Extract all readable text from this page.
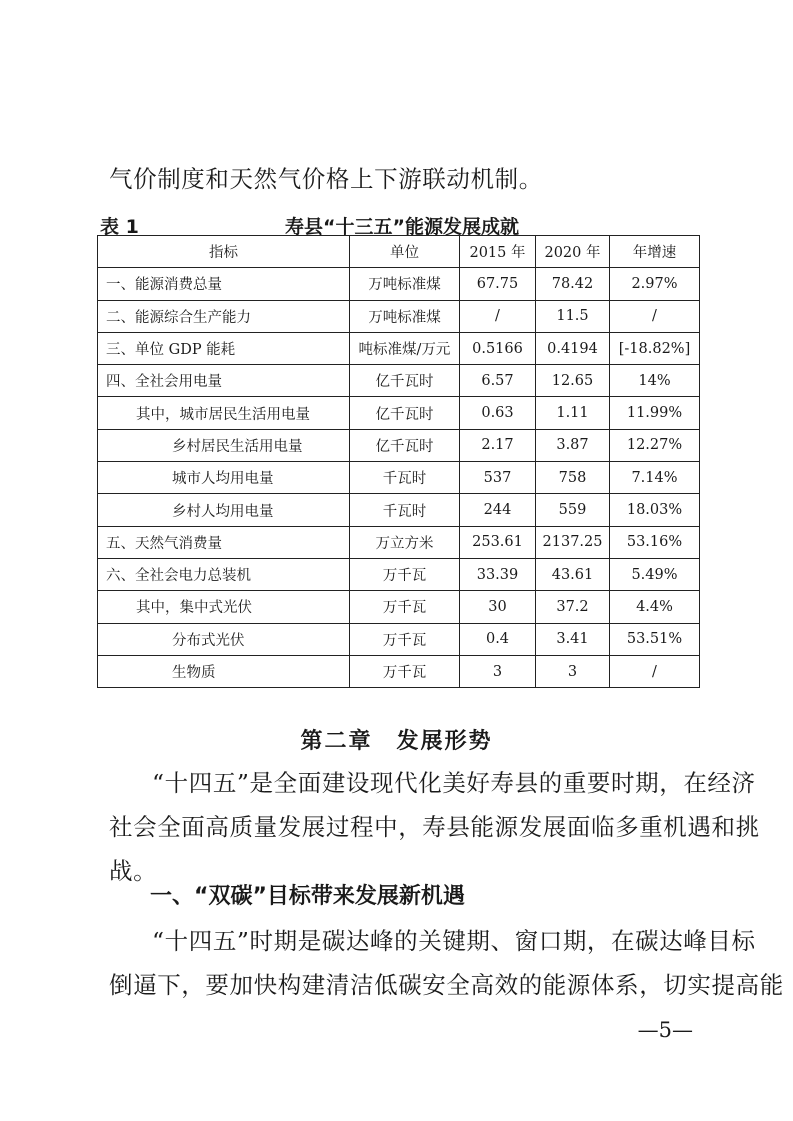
气价制度和天然气价格上下游联动机制。
表 1	寿县“十三五”能源发展成就
指标	单位	2015 年	2020 年	年增速
一、能源消费总量	万吨标准煤	67.75	78.42	2.97%
二、能源综合生产能力	万吨标准煤	/	11.5	/
三、单位 GDP 能耗	吨标准煤/万元	0.5166	0.4194	[-18.82%]
四、全社会用电量	亿千瓦时	6.57	12.65	14%
其中，城市居民生活用电量	亿千瓦时	0.63	1.11	11.99%
乡村居民生活用电量	亿千瓦时	2.17	3.87	12.27%
城市人均用电量	千瓦时	537	758	7.14%
乡村人均用电量	千瓦时	244	559	18.03%
五、天然气消费量	万立方米	253.61	2137.25	53.16%
六、全社会电力总装机	万千瓦	33.39	43.61	5.49%
其中，集中式光伏	万千瓦	30	37.2	4.4%
分布式光伏	万千瓦	0.4	3.41	53.51%
生物质	万千瓦	3	3	/
第二章　发展形势
“十四五”是全面建设现代化美好寿县的重要时期，在经济
社会全面高质量发展过程中，寿县能源发展面临多重机遇和挑
战。
一、“双碳”目标带来发展新机遇
“十四五”时期是碳达峰的关键期、窗口期，在碳达峰目标
倒逼下，要加快构建清洁低碳安全高效的能源体系，切实提高能
—5—
